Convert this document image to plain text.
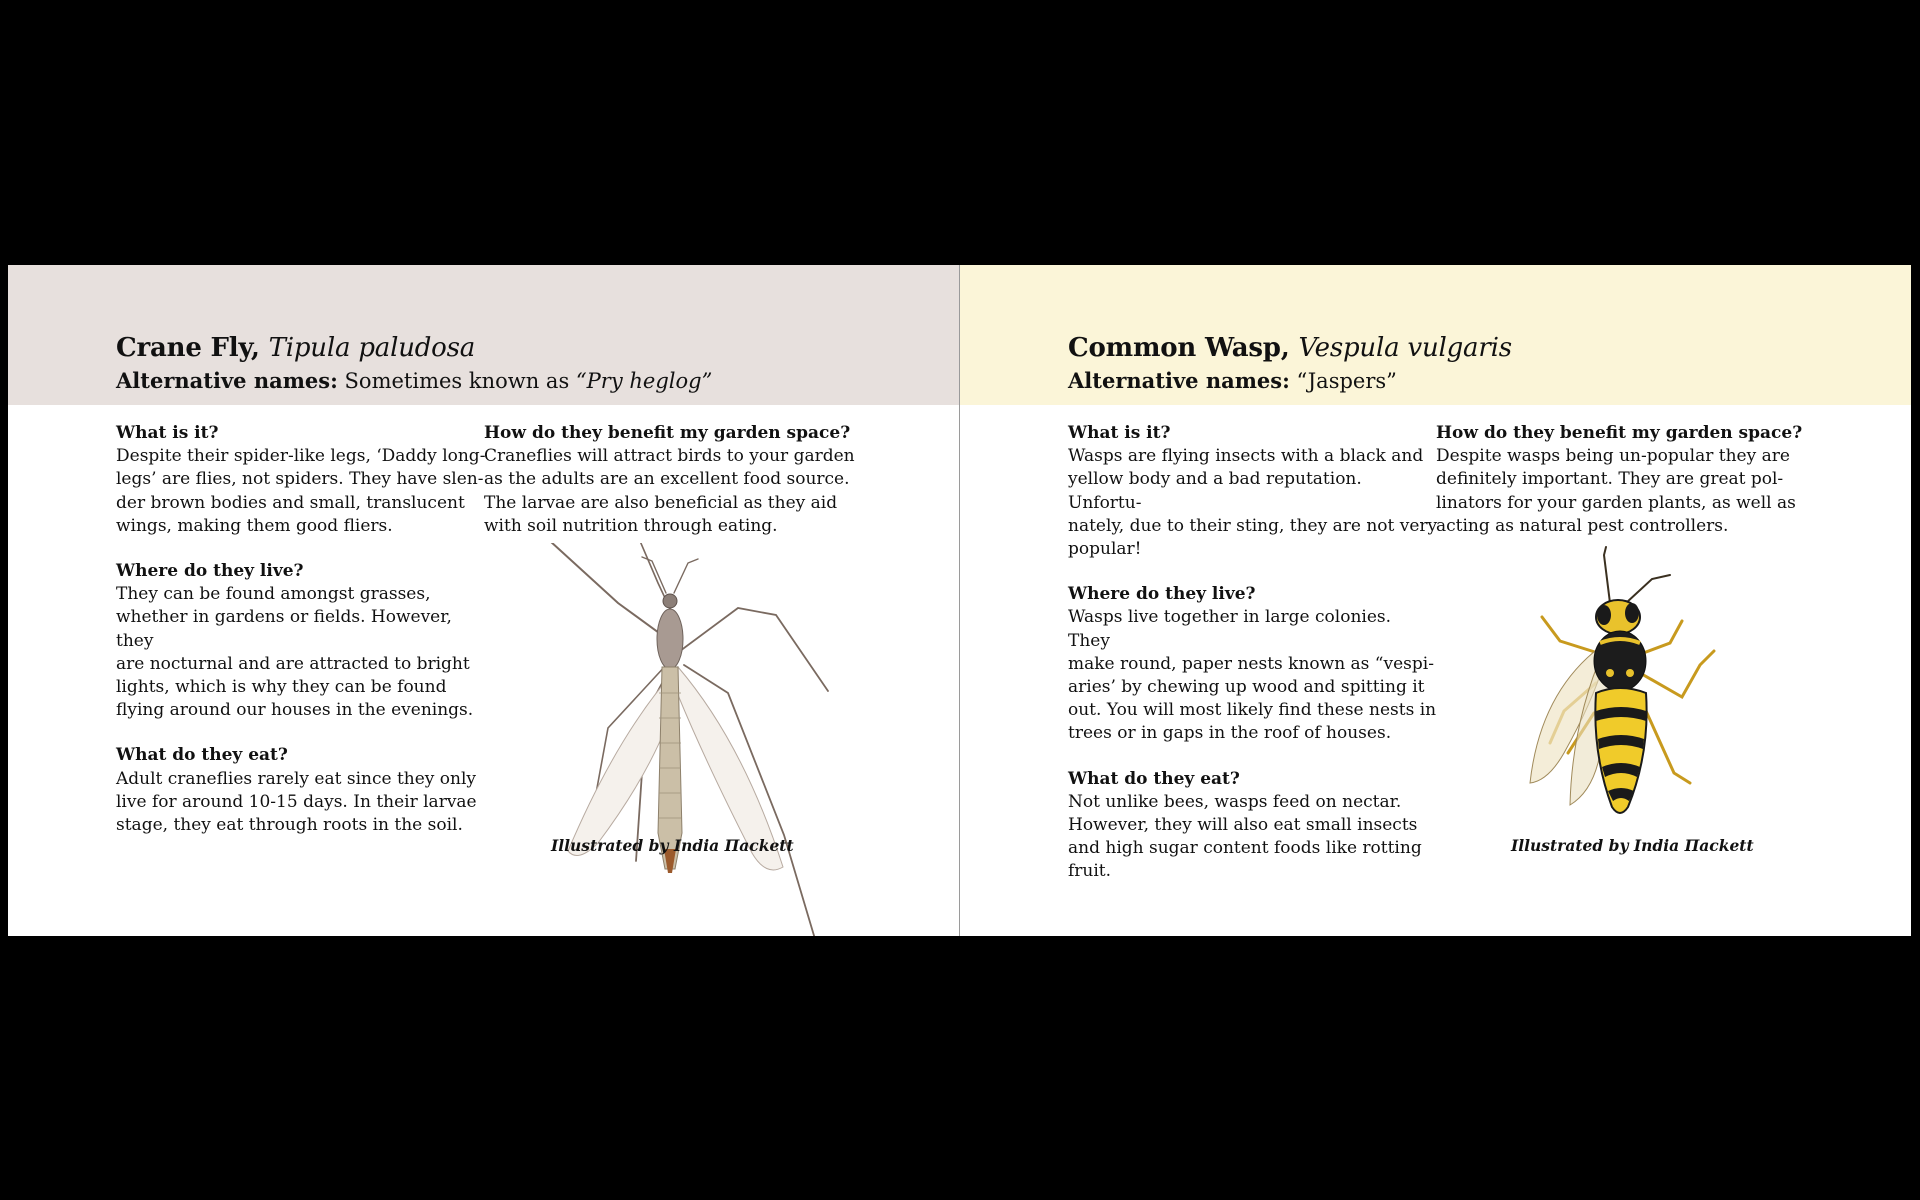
Crane Fly, Tipula paludosa
Alternative names: Sometimes known as “Pry heglog”
What is it?

Despite their spider-like legs, ‘Daddy long-
legs’ are flies, not spiders. They have slen-
der brown bodies and small, translucent
wings, making them good fliers.

Where do they live?

They can be found amongst grasses,
whether in gardens or fields. However, they
are nocturnal and are attracted to bright
lights, which is why they can be found
flying around our houses in the evenings.

What do they eat?

Adult craneflies rarely eat since they only
live for around 10-15 days. In their larvae
stage, they eat through roots in the soil.

How do they benefit my garden space?

Craneflies will attract birds to your garden
as the adults are an excellent food source.
The larvae are also beneficial as they aid
with soil nutrition through eating.

Illustrated by India Πackett
Common Wasp, Vespula vulgaris
Alternative names: “Jaspers”
What is it?

Wasps are flying insects with a black and
yellow body and a bad reputation. Unfortu-
nately, due to their sting, they are not very
popular!

Where do they live?

Wasps live together in large colonies. They
make round, paper nests known as “vespi-
aries’ by chewing up wood and spitting it
out. You will most likely find these nests in
trees or in gaps in the roof of houses.

What do they eat?

Not unlike bees, wasps feed on nectar.
However, they will also eat small insects
and high sugar content foods like rotting
fruit.

How do they benefit my garden space?

Despite wasps being un-popular they are
definitely important. They are great pol-
linators for your garden plants, as well as
acting as natural pest controllers.

Illustrated by India Πackett
